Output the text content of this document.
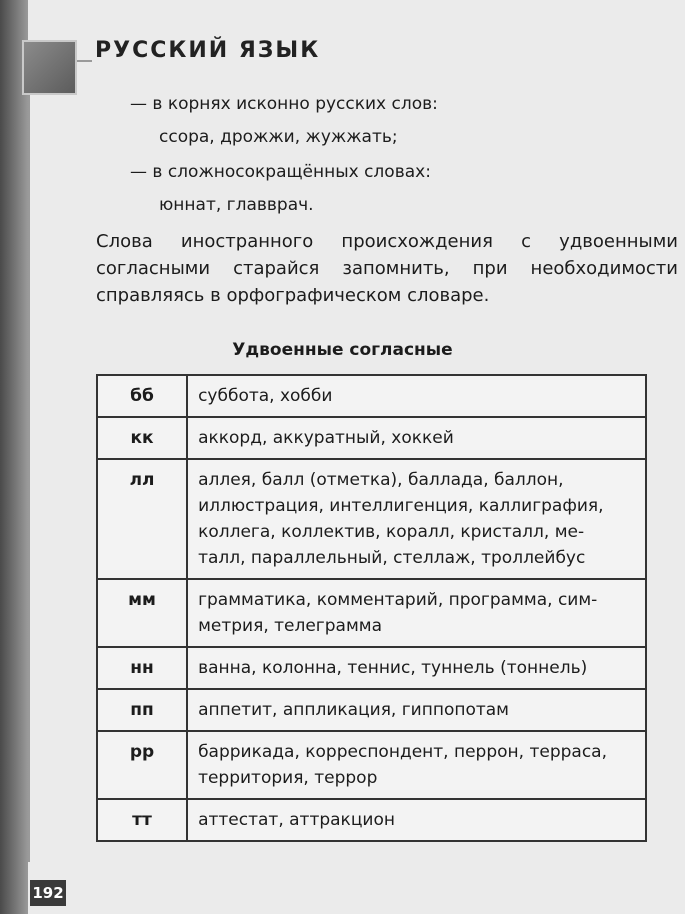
РУССКИЙ ЯЗЫК
— в корнях исконно русских слов:
ссора, дрожжи, жужжать;
— в сложносокращённых словах:
юннат, главврач.
Слова иностранного происхождения с удвоенными
согласными старайся запомнить, при необходимости
справляясь в орфографическом словаре.
Удвоенные согласные
бб	суббота, хобби

кк	аккорд, аккуратный, хоккей

лл	аллея, балл (отметка), баллада, баллон,
иллюстрация, интеллигенция, каллиграфия,
коллега, коллектив, коралл, кристалл, ме-
талл, параллельный, стеллаж, троллейбус

мм	грамматика, комментарий, программа, сим-
метрия, телеграмма

нн	ванна, колонна, теннис, туннель (тоннель)

пп	аппетит, аппликация, гиппопотам

рр	баррикада, корреспондент, перрон, терраса,
территория, террор

тт	аттестат, аттракцион
192
